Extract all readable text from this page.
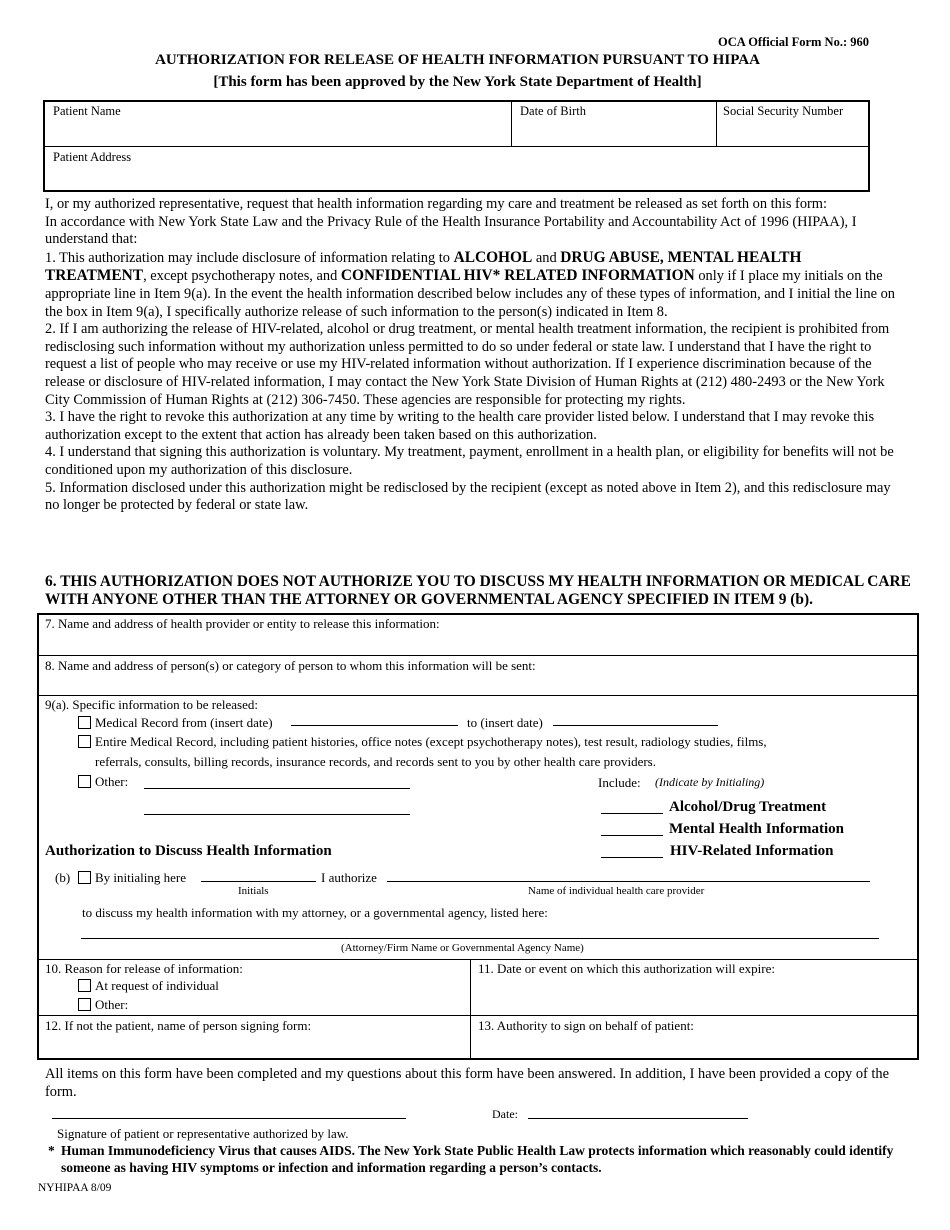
OCA Official Form No.: 960
AUTHORIZATION FOR RELEASE OF HEALTH INFORMATION PURSUANT TO HIPAA
[This form has been approved by the New York State Department of Health]
Patient Name	Date of Birth	Social Security Number
Patient Address

I, or my authorized representative, request that health information regarding my care and treatment be released as set forth on this form:

In accordance with New York State Law and the Privacy Rule of the Health Insurance Portability and Accountability Act of 1996 (HIPAA), I understand that:

1. This authorization may include disclosure of information relating to ALCOHOL and DRUG ABUSE, MENTAL HEALTH TREATMENT, except psychotherapy notes, and CONFIDENTIAL HIV* RELATED INFORMATION only if I place my initials on the appropriate line in Item 9(a). In the event the health information described below includes any of these types of information, and I initial the line on the box in Item 9(a), I specifically authorize release of such information to the person(s) indicated in Item 8.

2. If I am authorizing the release of HIV-related, alcohol or drug treatment, or mental health treatment information, the recipient is prohibited from redisclosing such information without my authorization unless permitted to do so under federal or state law. I understand that I have the right to request a list of people who may receive or use my HIV-related information without authorization. If I experience discrimination because of the release or disclosure of HIV-related information, I may contact the New York State Division of Human Rights at (212) 480-2493 or the New York City Commission of Human Rights at (212) 306-7450. These agencies are responsible for protecting my rights.

3. I have the right to revoke this authorization at any time by writing to the health care provider listed below. I understand that I may revoke this authorization except to the extent that action has already been taken based on this authorization.

4. I understand that signing this authorization is voluntary. My treatment, payment, enrollment in a health plan, or eligibility for benefits will not be conditioned upon my authorization of this disclosure.

5. Information disclosed under this authorization might be redisclosed by the recipient (except as noted above in Item 2), and this redisclosure may no longer be protected by federal or state law.

6. THIS AUTHORIZATION DOES NOT AUTHORIZE YOU TO DISCUSS MY HEALTH INFORMATION OR MEDICAL CARE WITH ANYONE OTHER THAN THE ATTORNEY OR GOVERNMENTAL AGENCY SPECIFIED IN ITEM 9 (b).
7. Name and address of health provider or entity to release this information:
8. Name and address of person(s) or category of person to whom this information will be sent:
9(a). Specific information to be released:
Medical Record from (insert date)	to (insert date)
Entire Medical Record, including patient histories, office notes (except psychotherapy notes), test result, radiology studies, films,
referrals, consults, billing records, insurance records, and records sent to you by other health care providers.
Other:	Include: (Indicate by Initialing)
Alcohol/Drug Treatment
Mental Health Information
HIV-Related Information
Authorization to Discuss Health Information
(b)	By initialing here	I authorize
Initials	Name of individual health care provider
to discuss my health information with my attorney, or a governmental agency, listed here:
(Attorney/Firm Name or Governmental Agency Name)
10. Reason for release of information:
At request of individual
Other:
11. Date or event on which this authorization will expire:
12. If not the patient, name of person signing form:	13. Authority to sign on behalf of patient:
All items on this form have been completed and my questions about this form have been answered. In addition, I have been provided a copy of the form.
Date:
Signature of patient or representative authorized by law.
* Human Immunodeficiency Virus that causes AIDS. The New York State Public Health Law protects information which reasonably could identify someone as having HIV symptoms or infection and information regarding a person’s contacts.
NYHIPAA 8/09
